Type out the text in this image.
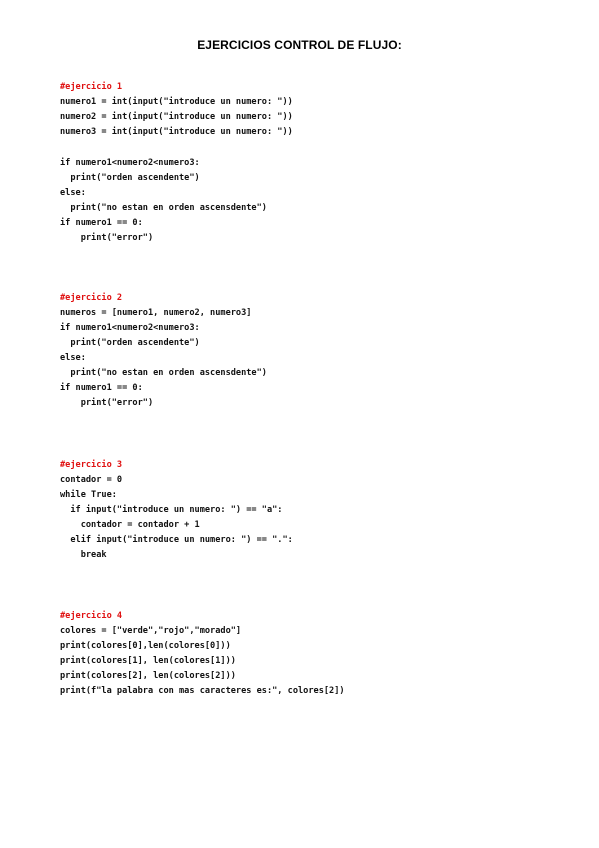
EJERCICIOS CONTROL DE FLUJO:
#ejercicio 1
numero1 = int(input("introduce un numero: "))
numero2 = int(input("introduce un numero: "))
numero3 = int(input("introduce un numero: "))
if numero1<numero2<numero3:
print("orden ascendente")
else:
print("no estan en orden ascensdente")
if numero1 == 0:
print("error")
#ejercicio 2
numeros = [numero1, numero2, numero3]
if numero1<numero2<numero3:
print("orden ascendente")
else:
print("no estan en orden ascensdente")
if numero1 == 0:
print("error")
#ejercicio 3
contador = 0
while True:
if input("introduce un numero: ") == "a":
contador = contador + 1
elif input("introduce un numero: ") == ".":
break
#ejercicio 4
colores = ["verde","rojo","morado"]
print(colores[0],len(colores[0]))
print(colores[1], len(colores[1]))
print(colores[2], len(colores[2]))
print(f"la palabra con mas caracteres es:", colores[2])
